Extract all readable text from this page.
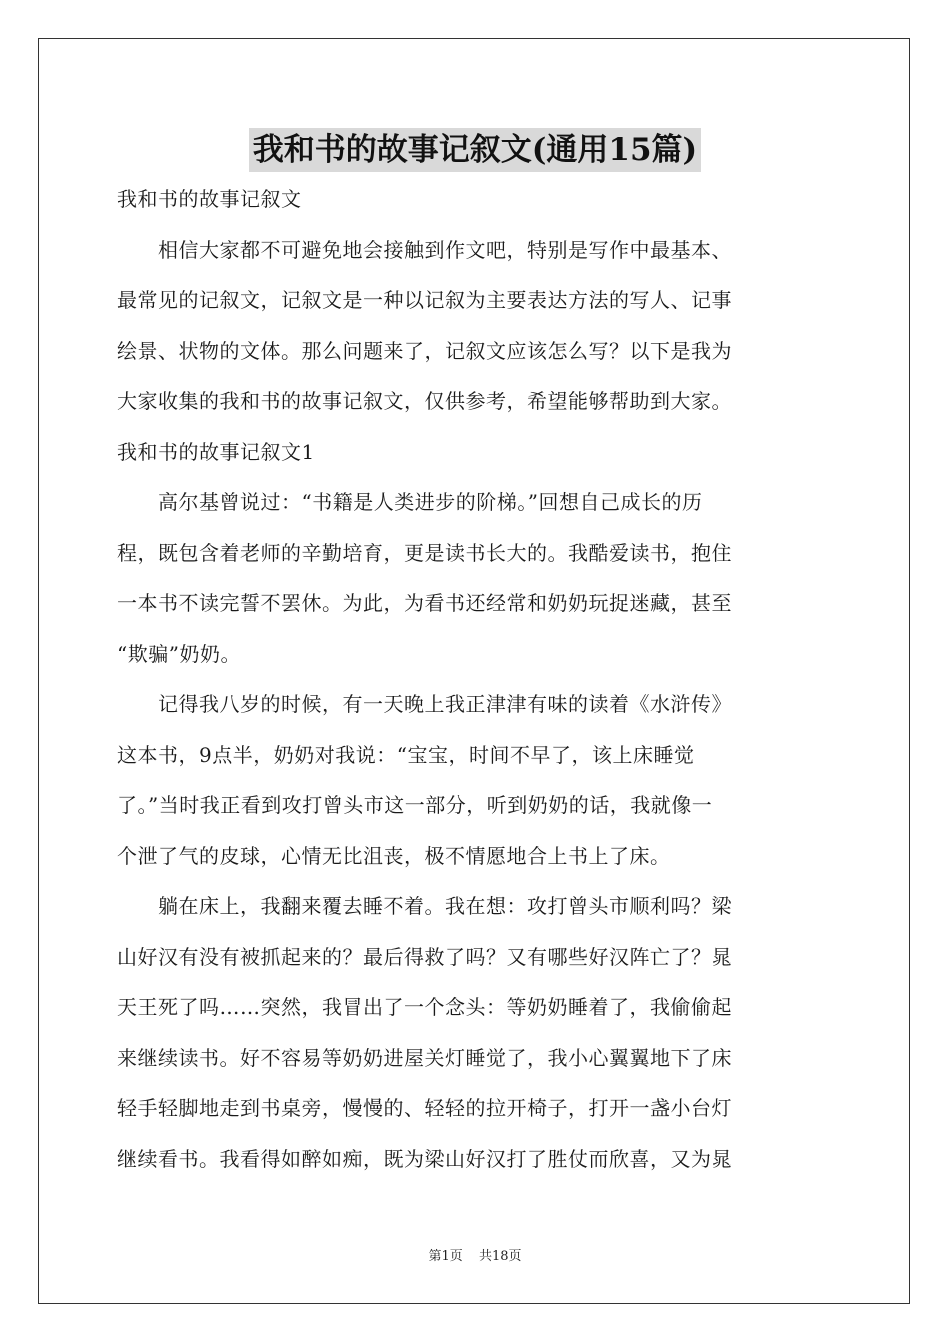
我和书的故事记叙文(通用15篇)
我和书的故事记叙文
　　相信大家都不可避免地会接触到作文吧，特别是写作中最基本、
最常见的记叙文，记叙文是一种以记叙为主要表达方法的写人、记事
绘景、状物的文体。那么问题来了，记叙文应该怎么写？以下是我为
大家收集的我和书的故事记叙文，仅供参考，希望能够帮助到大家。
我和书的故事记叙文1
　　高尔基曾说过：“书籍是人类进步的阶梯。”回想自己成长的历
程，既包含着老师的辛勤培育，更是读书长大的。我酷爱读书，抱住
一本书不读完誓不罢休。为此，为看书还经常和奶奶玩捉迷藏，甚至
“欺骗”奶奶。
　　记得我八岁的时候，有一天晚上我正津津有味的读着《水浒传》
这本书，9点半，奶奶对我说：“宝宝，时间不早了，该上床睡觉
了。”当时我正看到攻打曾头市这一部分，听到奶奶的话，我就像一
个泄了气的皮球，心情无比沮丧，极不情愿地合上书上了床。
　　躺在床上，我翻来覆去睡不着。我在想：攻打曾头市顺利吗？梁
山好汉有没有被抓起来的？最后得救了吗？又有哪些好汉阵亡了？晁
天王死了吗……突然，我冒出了一个念头：等奶奶睡着了，我偷偷起
来继续读书。好不容易等奶奶进屋关灯睡觉了，我小心翼翼地下了床
轻手轻脚地走到书桌旁，慢慢的、轻轻的拉开椅子，打开一盏小台灯
继续看书。我看得如醉如痴，既为梁山好汉打了胜仗而欣喜，又为晁
第1页 共18页
